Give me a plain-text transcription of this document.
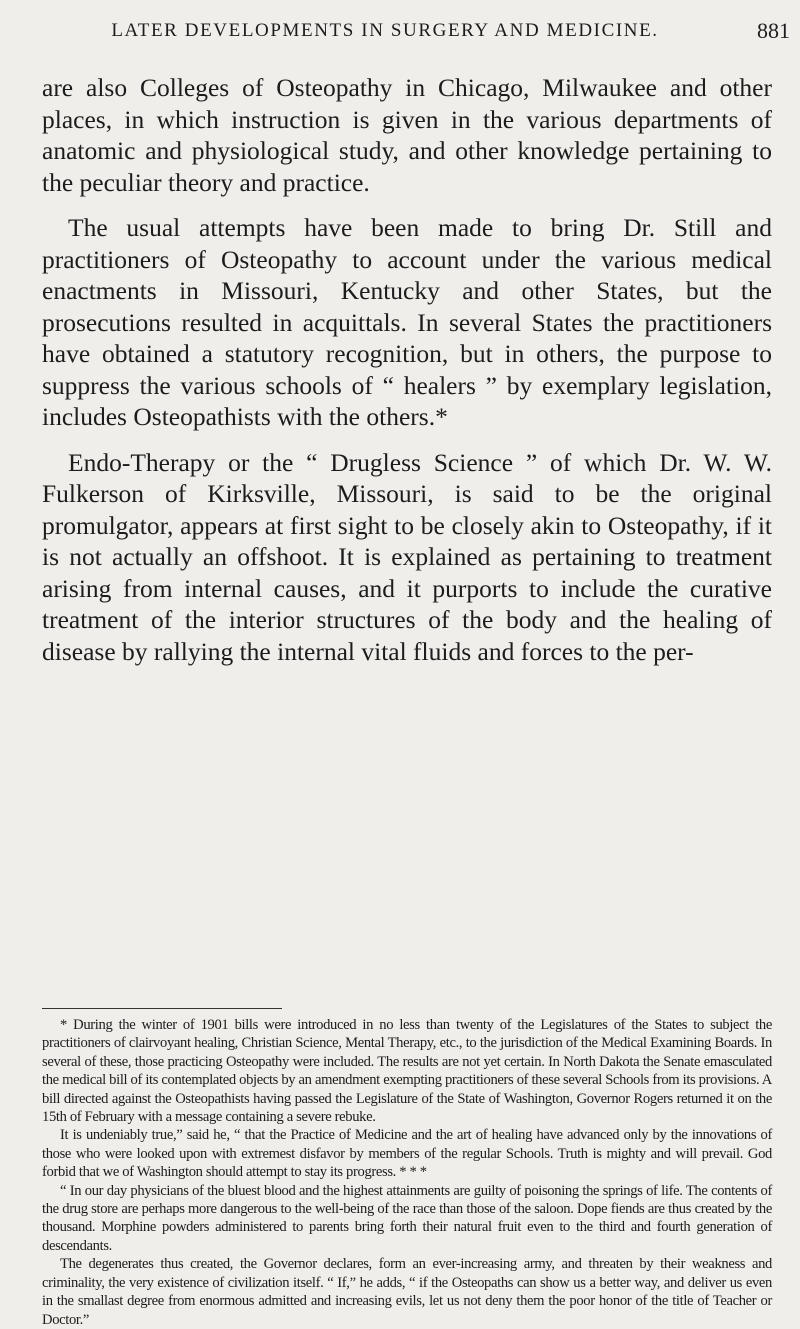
LATER DEVELOPMENTS IN SURGERY AND MEDICINE.	881

are also Colleges of Osteopathy in Chicago, Milwaukee and other places, in which instruction is given in the various departments of anatomic and physiological study, and other knowledge pertaining to the peculiar theory and practice.

The usual attempts have been made to bring Dr. Still and practitioners of Osteopathy to account under the various medical enactments in Missouri, Kentucky and other States, but the prosecutions resulted in acquittals. In several States the practitioners have obtained a statutory recognition, but in others, the purpose to suppress the various schools of “ healers ” by exemplary legislation, includes Osteopathists with the others.*

Endo-Therapy or the “ Drugless Science ” of which Dr. W. W. Fulkerson of Kirksville, Missouri, is said to be the original promulgator, appears at first sight to be closely akin to Osteopathy, if it is not actually an offshoot. It is explained as pertaining to treatment arising from internal causes, and it purports to include the curative treatment of the interior structures of the body and the healing of disease by rallying the internal vital fluids and forces to the per-

* During the winter of 1901 bills were introduced in no less than twenty of the Legislatures of the States to subject the practitioners of clairvoyant healing, Christian Science, Mental Therapy, etc., to the jurisdiction of the Medical Examining Boards. In several of these, those practicing Osteopathy were included. The results are not yet certain. In North Dakota the Senate emasculated the medical bill of its contemplated objects by an amendment exempting practitioners of these several Schools from its provisions. A bill directed against the Osteopathists having passed the Legislature of the State of Washington, Governor Rogers returned it on the 15th of February with a message containing a severe rebuke.

It is undeniably true,” said he, “ that the Practice of Medicine and the art of healing have advanced only by the innovations of those who were looked upon with extremest disfavor by members of the regular Schools. Truth is mighty and will prevail. God forbid that we of Washington should attempt to stay its progress. * * *

“ In our day physicians of the bluest blood and the highest attainments are guilty of poisoning the springs of life. The contents of the drug store are perhaps more dangerous to the well-being of the race than those of the saloon. Dope fiends are thus created by the thousand. Morphine powders administered to parents bring forth their natural fruit even to the third and fourth generation of descendants.

The degenerates thus created, the Governor declares, form an ever-increasing army, and threaten by their weakness and criminality, the very existence of civilization itself. “ If,” he adds, “ if the Osteopaths can show us a better way, and deliver us even in the smallast degree from enormous admitted and increasing evils, let us not deny them the poor honor of the title of Teacher or Doctor.”
